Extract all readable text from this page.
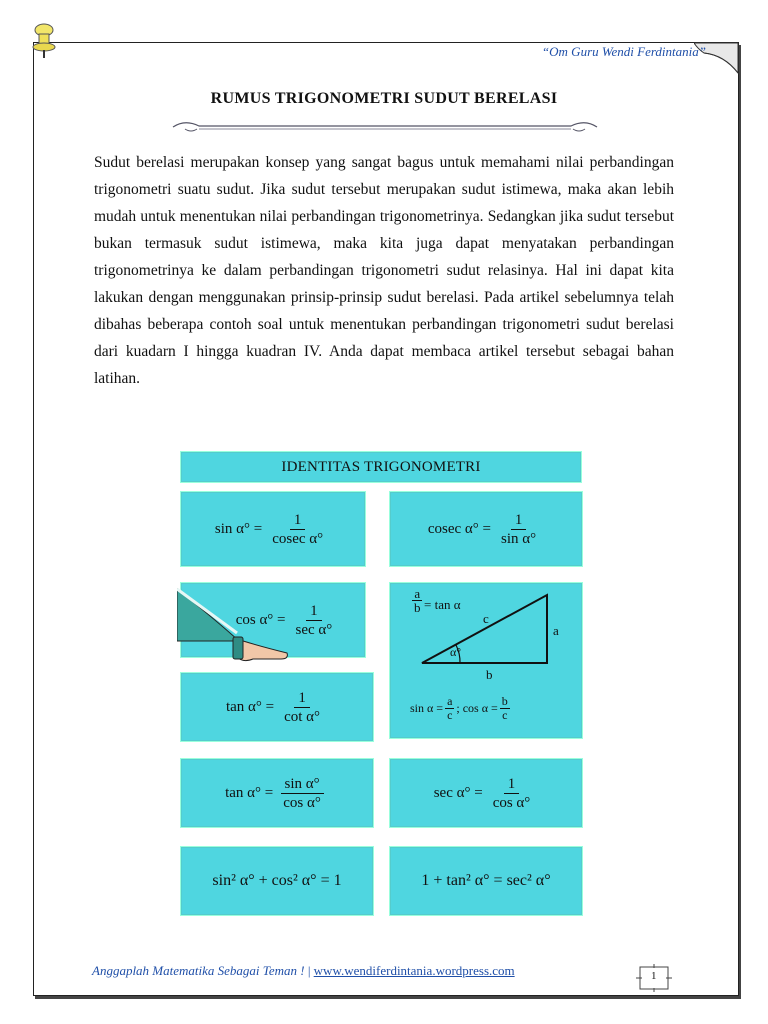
“Om Guru Wendi Ferdintania”
RUMUS TRIGONOMETRI SUDUT BERELASI
Sudut berelasi merupakan konsep yang sangat bagus untuk memahami nilai perbandingan trigonometri suatu sudut. Jika sudut tersebut merupakan sudut istimewa, maka akan lebih mudah untuk menentukan nilai perbandingan trigonometrinya. Sedangkan jika sudut tersebut bukan termasuk sudut istimewa, maka kita juga dapat menyatakan perbandingan trigonometrinya ke dalam perbandingan trigonometri sudut relasinya. Hal ini dapat kita lakukan dengan menggunakan prinsip-prinsip sudut berelasi. Pada artikel sebelumnya telah dibahas beberapa contoh soal untuk menentukan perbandingan trigonometri sudut berelasi dari kuadarn I hingga kuadran IV. Anda dapat membaca artikel tersebut sebagai bahan latihan.
IDENTITAS TRIGONOMETRI
$\sin \alpha^\circ = \frac{1}{\text{cosec α°}}$	cosec $\alpha^\circ = \frac{1}{\text{sin α°}}$
$\cos \alpha^\circ = \frac{1}{\text{sec α°}}$
$\frac{a}{b} = \tan \alpha$
c
a
b
α°
$\sin \alpha = \frac{a}{c}$ ; $\cos \alpha = \frac{b}{c}$
$\tan \alpha^\circ = \frac{1}{\text{cot α°}}$
$\tan \alpha^\circ = \frac{\text{sin α°}}{\text{cos α°}}$	$\sec \alpha^\circ = \frac{1}{\text{cos α°}}$
sin² α° + cos² α° = 1	1 + tan² α° = sec² α°
Anggaplah Matematika Sebagai Teman ! | www.wendiferdintania.wordpress.com	1
